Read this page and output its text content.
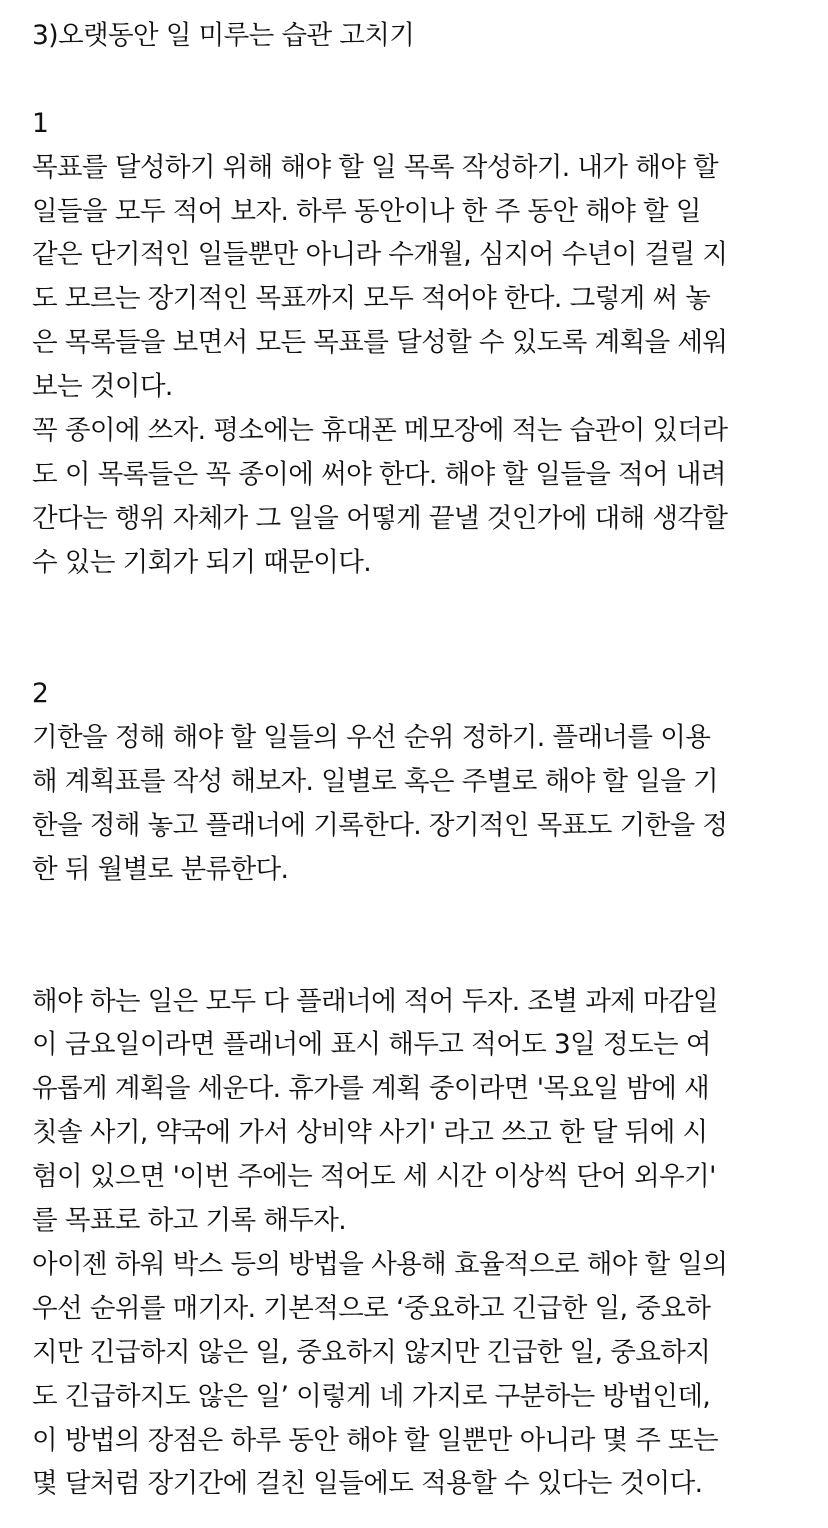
3)오랫동안 일 미루는 습관 고치기
1
목표를 달성하기 위해 해야 할 일 목록 작성하기. 내가 해야 할
일들을 모두 적어 보자. 하루 동안이나 한 주 동안 해야 할 일
같은 단기적인 일들뿐만 아니라 수개월, 심지어 수년이 걸릴 지
도 모르는 장기적인 목표까지 모두 적어야 한다. 그렇게 써 놓
은 목록들을 보면서 모든 목표를 달성할 수 있도록 계획을 세워
보는 것이다.
꼭 종이에 쓰자. 평소에는 휴대폰 메모장에 적는 습관이 있더라
도 이 목록들은 꼭 종이에 써야 한다. 해야 할 일들을 적어 내려
간다는 행위 자체가 그 일을 어떻게 끝낼 것인가에 대해 생각할
수 있는 기회가 되기 때문이다.
2
기한을 정해 해야 할 일들의 우선 순위 정하기. 플래너를 이용
해 계획표를 작성 해보자. 일별로 혹은 주별로 해야 할 일을 기
한을 정해 놓고 플래너에 기록한다. 장기적인 목표도 기한을 정
한 뒤 월별로 분류한다.
해야 하는 일은 모두 다 플래너에 적어 두자. 조별 과제 마감일
이 금요일이라면 플래너에 표시 해두고 적어도 3일 정도는 여
유롭게 계획을 세운다. 휴가를 계획 중이라면 '목요일 밤에 새
칫솔 사기, 약국에 가서 상비약 사기' 라고 쓰고 한 달 뒤에 시
험이 있으면 '이번 주에는 적어도 세 시간 이상씩 단어 외우기'
를 목표로 하고 기록 해두자.
아이젠 하워 박스 등의 방법을 사용해 효율적으로 해야 할 일의
우선 순위를 매기자. 기본적으로 ‘중요하고 긴급한 일, 중요하
지만 긴급하지 않은 일, 중요하지 않지만 긴급한 일, 중요하지
도 긴급하지도 않은 일’ 이렇게 네 가지로 구분하는 방법인데,
이 방법의 장점은 하루 동안 해야 할 일뿐만 아니라 몇 주 또는
몇 달처럼 장기간에 걸친 일들에도 적용할 수 있다는 것이다.
